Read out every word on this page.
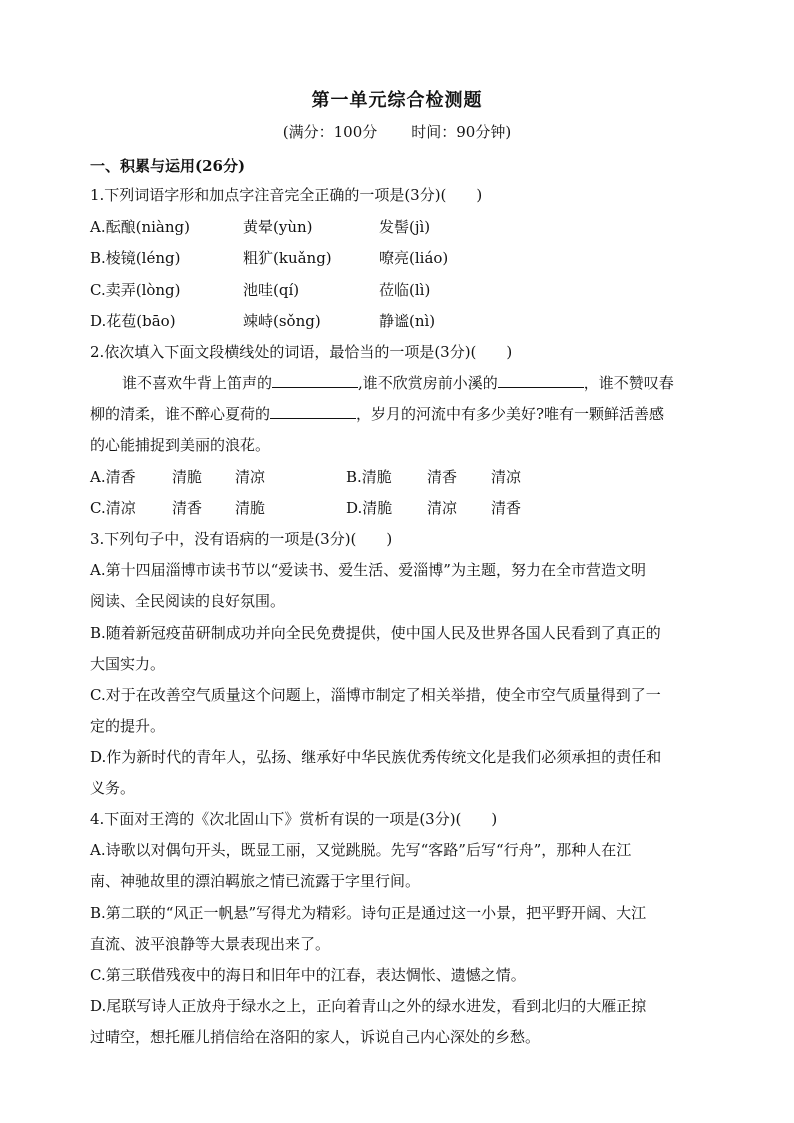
第一单元综合检测题
(满分：100分 时间：90分钟)
一、积累与运用(26分)
1.下列词语字形和加点字注音完全正确的一项是(3分)(　　)
A.酝酿(niàng)	黄晕(yùn)	发髻(jì)
B.棱镜(léng)	粗犷(kuǎng)	嘹亮(liáo)
C.卖弄(lòng)	池哇(qí)	莅临(lì)
D.花苞(bāo)	竦峙(sǒng)	静谧(nì)
2.依次填入下面文段横线处的词语，最恰当的一项是(3分)(　　)
谁不喜欢牛背上笛声的	,谁不欣赏房前小溪的	，谁不赞叹春
柳的清柔，谁不醉心夏荷的	，岁月的河流中有多少美好?唯有一颗鲜活善感
的心能捕捉到美丽的浪花。
A.清香 清脆 清凉	B.清脆 清香 清凉
C.清凉 清香 清脆	D.清脆 清凉 清香
3.下列句子中，没有语病的一项是(3分)(　　)
A.第十四届淄博市读书节以“爱读书、爱生活、爱淄博”为主题，努力在全市营造文明
阅读、全民阅读的良好氛围。
B.随着新冠疫苗研制成功并向全民免费提供，使中国人民及世界各国人民看到了真正的
大国实力。
C.对于在改善空气质量这个问题上，淄博市制定了相关举措，使全市空气质量得到了一
定的提升。
D.作为新时代的青年人，弘扬、继承好中华民族优秀传统文化是我们必须承担的责任和
义务。
4.下面对王湾的《次北固山下》赏析有误的一项是(3分)(　　)
A.诗歌以对偶句开头，既显工丽，又觉跳脱。先写“客路”后写“行舟”，那种人在江
南、神驰故里的漂泊羁旅之情已流露于字里行间。
B.第二联的“风正一帆悬”写得尤为精彩。诗句正是通过这一小景，把平野开阔、大江
直流、波平浪静等大景表现出来了。
C.第三联借残夜中的海日和旧年中的江春，表达惆怅、遗憾之情。
D.尾联写诗人正放舟于绿水之上，正向着青山之外的绿水进发，看到北归的大雁正掠
过晴空，想托雁儿捎信给在洛阳的家人，诉说自己内心深处的乡愁。
